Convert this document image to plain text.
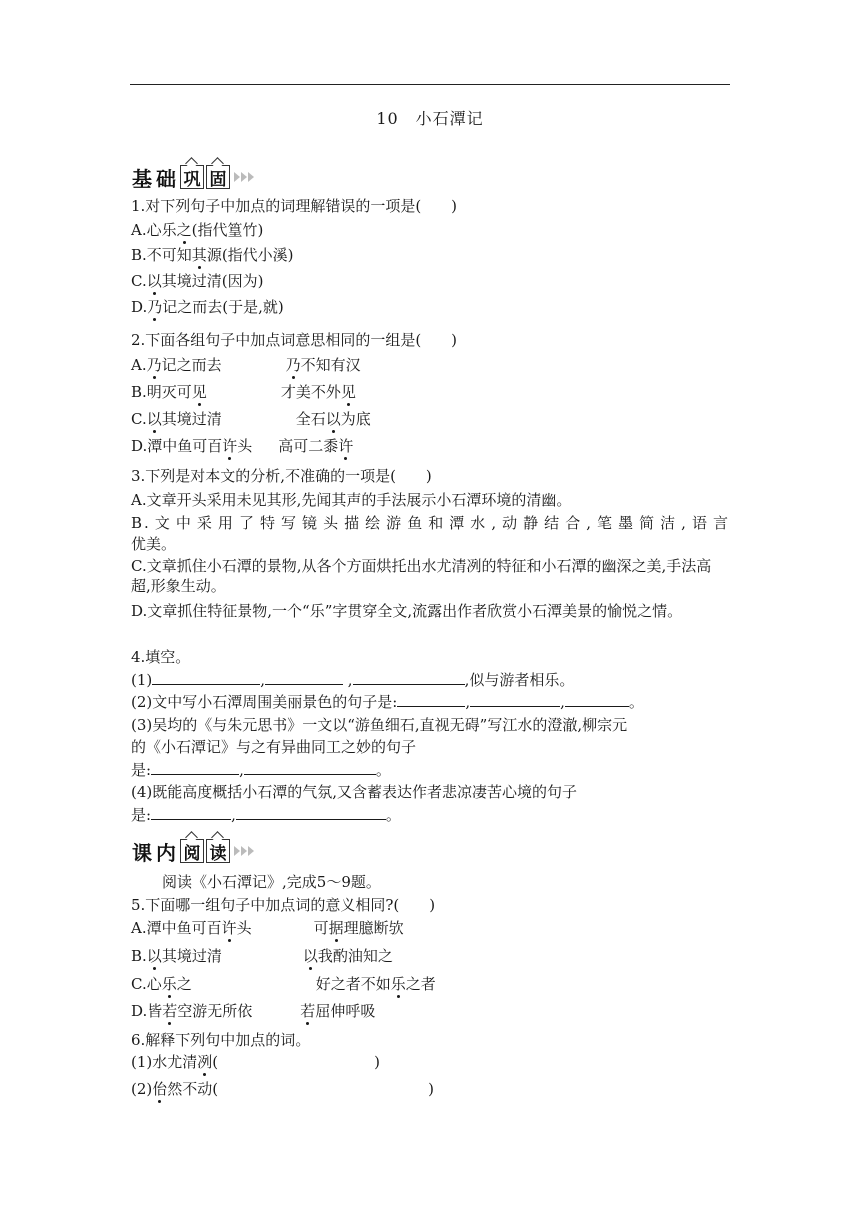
10　小石潭记
基 础 巩 固
1.对下列句子中加点的词理解错误的一项是(　　)
A.心乐之(指代篁竹)
B.不可知其源(指代小溪)
C.以其境过清(因为)
D.乃记之而去(于是,就)
2.下面各组句子中加点词意思相同的一组是(　　)
A.乃记之而去	乃不知有汉
B.明灭可见	才美不外见
C.以其境过清	全石以为底
D.潭中鱼可百许头 高可二黍许
3.下列是对本文的分析,不准确的一项是(　　)
A.文章开头采用未见其形,先闻其声的手法展示小石潭环境的清幽。
B.文中采用了特写镜头描绘游鱼和潭水,动静结合,笔墨简洁,语言
优美。
C.文章抓住小石潭的景物,从各个方面烘托出水尤清冽的特征和小石潭的幽深之美,手法高超,形象生动。
D.文章抓住特征景物,一个“乐”字贯穿全文,流露出作者欣赏小石潭美景的愉悦之情。
4.填空。
(1)	,	,	,似与游者相乐。
(2)文中写小石潭周围美丽景色的句子是:	,	,	。
(3)吴均的《与朱元思书》一文以“游鱼细石,直视无碍”写江水的澄澈,柳宗元
的《小石潭记》与之有异曲同工之妙的句子
是:	,	。
(4)既能高度概括小石潭的气氛,又含蓄表达作者悲凉凄苦心境的句子
是:	,	。
课 内 阅 读
阅读《小石潭记》,完成5～9题。
5.下面哪一组句子中加点词的意义相同?(　　)
A.潭中鱼可百许头	可据理臆断欤
B.以其境过清	以我酌油知之
C.心乐之	好之者不如乐之者
D.皆若空游无所依	若屈伸呼吸
6.解释下列句中加点的词。
(1)水尤清冽(	)
(2)佁然不动(	)
